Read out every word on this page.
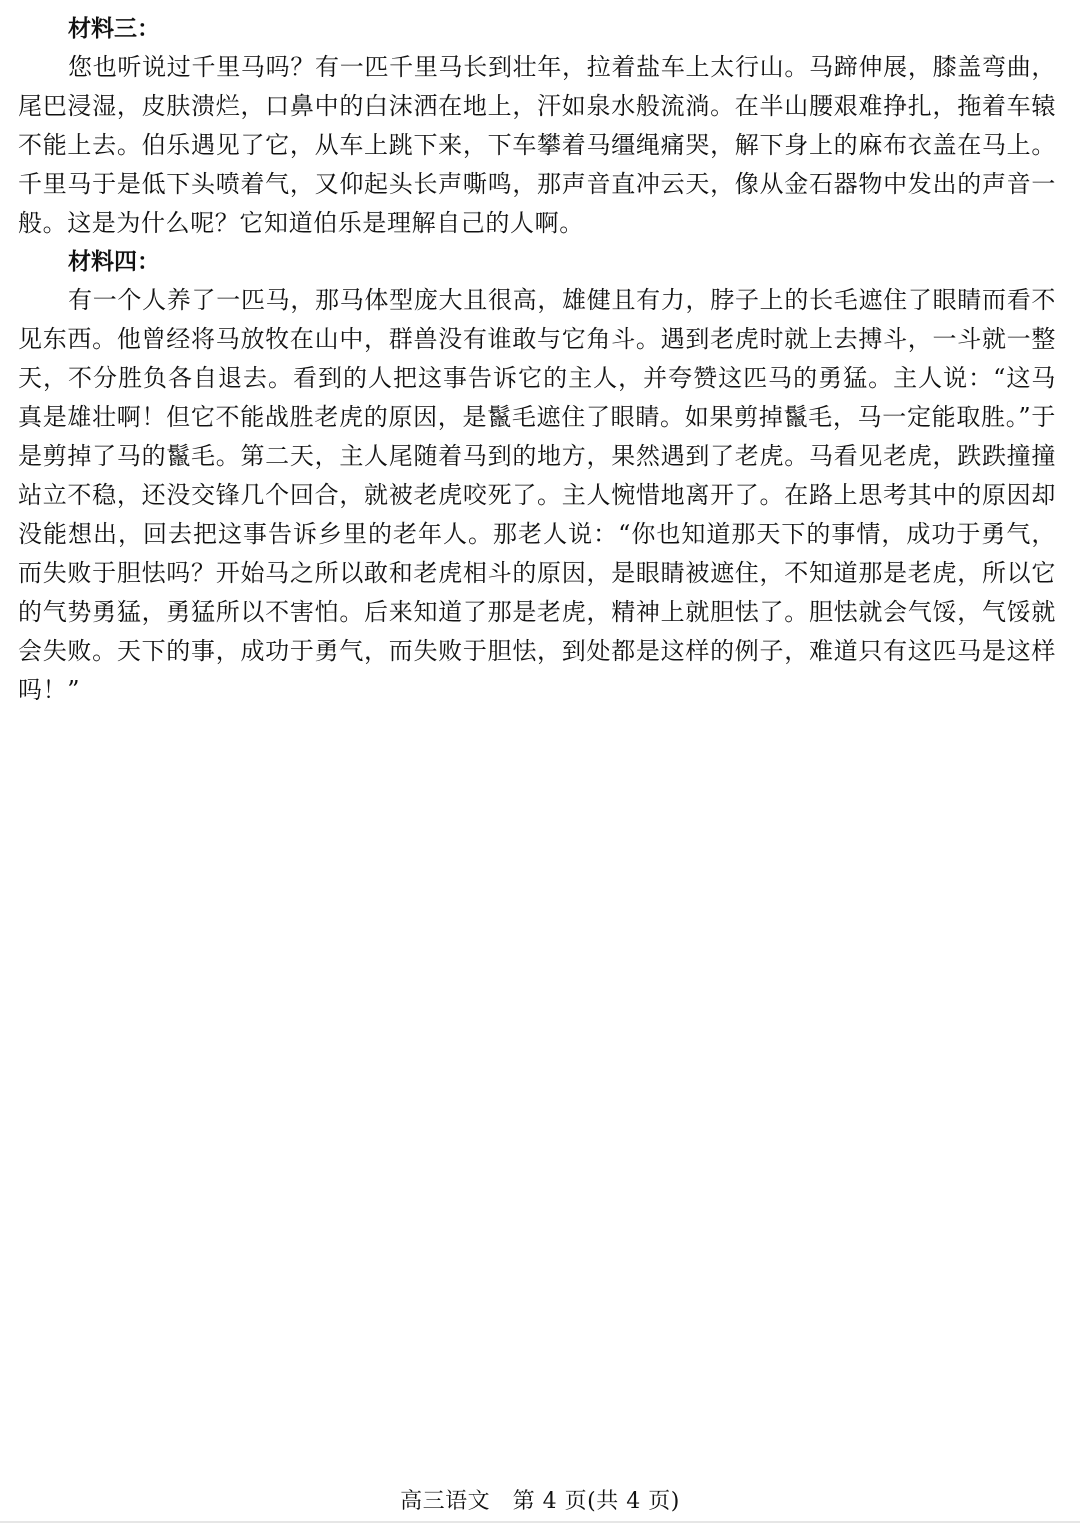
材料三：

您也听说过千里马吗？有一匹千里马长到壮年，拉着盐车上太行山。马蹄伸展，膝盖弯曲，尾巴浸湿，皮肤溃烂，口鼻中的白沫洒在地上，汗如泉水般流淌。在半山腰艰难挣扎，拖着车辕不能上去。伯乐遇见了它，从车上跳下来，下车攀着马缰绳痛哭，解下身上的麻布衣盖在马上。千里马于是低下头喷着气，又仰起头长声嘶鸣，那声音直冲云天，像从金石器物中发出的声音一般。这是为什么呢？它知道伯乐是理解自己的人啊。

材料四：

有一个人养了一匹马，那马体型庞大且很高，雄健且有力，脖子上的长毛遮住了眼睛而看不见东西。他曾经将马放牧在山中，群兽没有谁敢与它角斗。遇到老虎时就上去搏斗，一斗就一整天，不分胜负各自退去。看到的人把这事告诉它的主人，并夸赞这匹马的勇猛。主人说：“这马真是雄壮啊！但它不能战胜老虎的原因，是鬣毛遮住了眼睛。如果剪掉鬣毛，马一定能取胜。”于是剪掉了马的鬣毛。第二天，主人尾随着马到的地方，果然遇到了老虎。马看见老虎，跌跌撞撞站立不稳，还没交锋几个回合，就被老虎咬死了。主人惋惜地离开了。在路上思考其中的原因却没能想出，回去把这事告诉乡里的老年人。那老人说：“你也知道那天下的事情，成功于勇气，而失败于胆怯吗？开始马之所以敢和老虎相斗的原因，是眼睛被遮住，不知道那是老虎，所以它的气势勇猛，勇猛所以不害怕。后来知道了那是老虎，精神上就胆怯了。胆怯就会气馁，气馁就会失败。天下的事，成功于勇气，而失败于胆怯，到处都是这样的例子，难道只有这匹马是这样吗！”

高三语文　第 4 页(共 4 页)
